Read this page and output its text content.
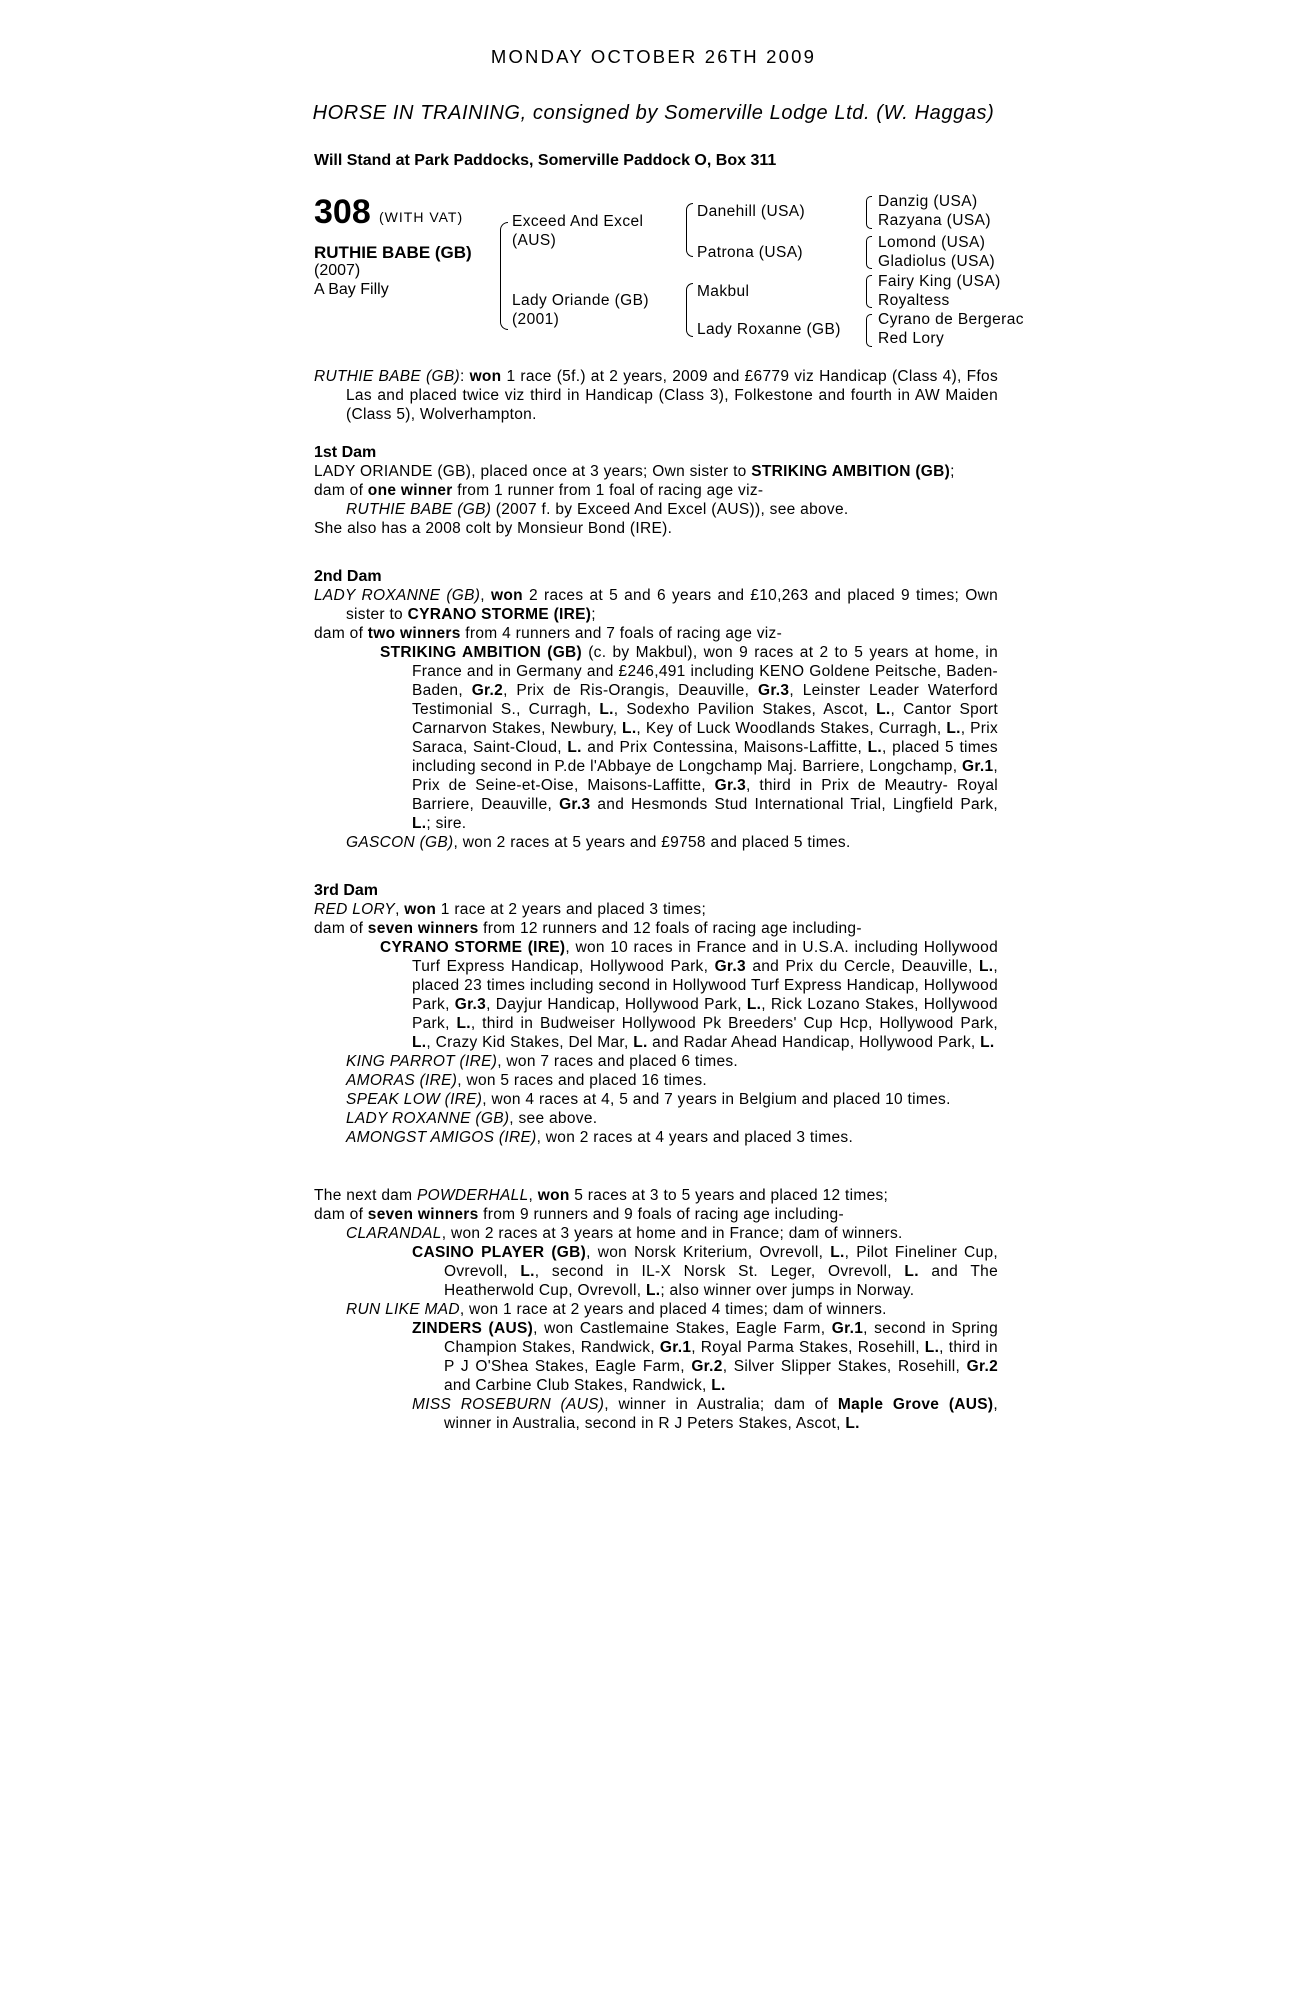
MONDAY OCTOBER 26TH 2009
HORSE IN TRAINING, consigned by Somerville Lodge Ltd. (W. Haggas)
Will Stand at Park Paddocks, Somerville Paddock O, Box 311
308 (WITH VAT)
RUTHIE BABE (GB)
(2007)
A Bay Filly
Exceed And Excel
(AUS)
Lady Oriande (GB)
(2001)
Danehill (USA)
Patrona (USA)
Makbul
Lady Roxanne (GB)
Danzig (USA)
Razyana (USA)
Lomond (USA)
Gladiolus (USA)
Fairy King (USA)
Royaltess
Cyrano de Bergerac
Red Lory

RUTHIE BABE (GB): won 1 race (5f.) at 2 years, 2009 and £6779 viz Handicap (Class 4), Ffos Las and placed twice viz third in Handicap (Class 3), Folkestone and fourth in AW Maiden (Class 5), Wolverhampton.

1st Dam

LADY ORIANDE (GB), placed once at 3 years; Own sister to STRIKING AMBITION (GB);

dam of one winner from 1 runner from 1 foal of racing age viz-

RUTHIE BABE (GB) (2007 f. by Exceed And Excel (AUS)), see above.

She also has a 2008 colt by Monsieur Bond (IRE).

2nd Dam

LADY ROXANNE (GB), won 2 races at 5 and 6 years and £10,263 and placed 9 times; Own sister to CYRANO STORME (IRE);

dam of two winners from 4 runners and 7 foals of racing age viz-

STRIKING AMBITION (GB) (c. by Makbul), won 9 races at 2 to 5 years at home, in France and in Germany and £246,491 including KENO Goldene Peitsche, Baden-Baden, Gr.2, Prix de Ris-Orangis, Deauville, Gr.3, Leinster Leader Waterford Testimonial S., Curragh, L., Sodexho Pavilion Stakes, Ascot, L., Cantor Sport Carnarvon Stakes, Newbury, L., Key of Luck Woodlands Stakes, Curragh, L., Prix Saraca, Saint-Cloud, L. and Prix Contessina, Maisons-Laffitte, L., placed 5 times including second in P.de l'Abbaye de Longchamp Maj. Barriere, Longchamp, Gr.1, Prix de Seine-et-Oise, Maisons-Laffitte, Gr.3, third in Prix de Meautry- Royal Barriere, Deauville, Gr.3 and Hesmonds Stud International Trial, Lingfield Park, L.; sire.

GASCON (GB), won 2 races at 5 years and £9758 and placed 5 times.

3rd Dam

RED LORY, won 1 race at 2 years and placed 3 times;

dam of seven winners from 12 runners and 12 foals of racing age including-

CYRANO STORME (IRE), won 10 races in France and in U.S.A. including Hollywood Turf Express Handicap, Hollywood Park, Gr.3 and Prix du Cercle, Deauville, L., placed 23 times including second in Hollywood Turf Express Handicap, Hollywood Park, Gr.3, Dayjur Handicap, Hollywood Park, L., Rick Lozano Stakes, Hollywood Park, L., third in Budweiser Hollywood Pk Breeders' Cup Hcp, Hollywood Park, L., Crazy Kid Stakes, Del Mar, L. and Radar Ahead Handicap, Hollywood Park, L.

KING PARROT (IRE), won 7 races and placed 6 times.

AMORAS (IRE), won 5 races and placed 16 times.

SPEAK LOW (IRE), won 4 races at 4, 5 and 7 years in Belgium and placed 10 times.

LADY ROXANNE (GB), see above.

AMONGST AMIGOS (IRE), won 2 races at 4 years and placed 3 times.

The next dam POWDERHALL, won 5 races at 3 to 5 years and placed 12 times;

dam of seven winners from 9 runners and 9 foals of racing age including-

CLARANDAL, won 2 races at 3 years at home and in France; dam of winners.

CASINO PLAYER (GB), won Norsk Kriterium, Ovrevoll, L., Pilot Fineliner Cup, Ovrevoll, L., second in IL-X Norsk St. Leger, Ovrevoll, L. and The Heatherwold Cup, Ovrevoll, L.; also winner over jumps in Norway.

RUN LIKE MAD, won 1 race at 2 years and placed 4 times; dam of winners.

ZINDERS (AUS), won Castlemaine Stakes, Eagle Farm, Gr.1, second in Spring Champion Stakes, Randwick, Gr.1, Royal Parma Stakes, Rosehill, L., third in P J O'Shea Stakes, Eagle Farm, Gr.2, Silver Slipper Stakes, Rosehill, Gr.2 and Carbine Club Stakes, Randwick, L.

MISS ROSEBURN (AUS), winner in Australia; dam of Maple Grove (AUS), winner in Australia, second in R J Peters Stakes, Ascot, L.
